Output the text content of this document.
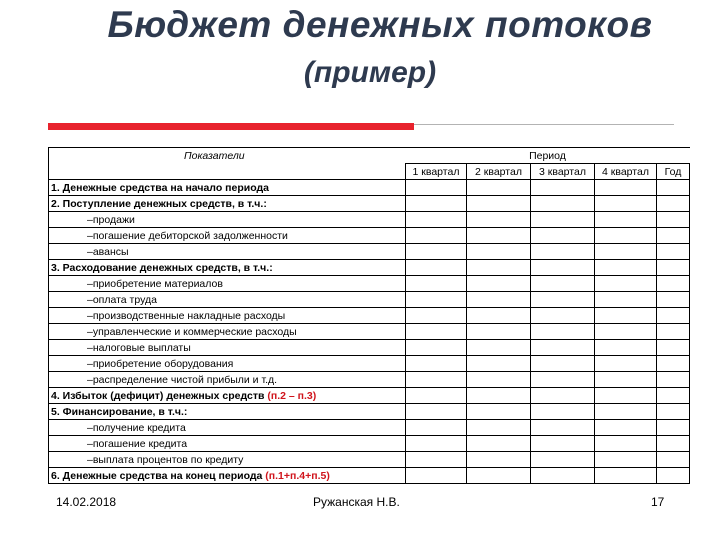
Бюджет денежных потоков
(пример)
Показатели	Период				
	1 квартал	2 квартал	3 квартал	4 квартал	Год
1. Денежные средства на начало периода					
2. Поступление денежных средств, в т.ч.:					
–продажи					
–погашение дебиторской задолженности					
–авансы					
3. Расходование денежных средств, в т.ч.:					
–приобретение материалов					
–оплата труда					
–производственные накладные расходы					
–управленческие и коммерческие расходы					
–налоговые выплаты					
–приобретение оборудования					
–распределение чистой прибыли и т.д.					
4. Избыток (дефицит) денежных средств (п.2 – п.3)					
5. Финансирование, в т.ч.:					
–получение кредита					
–погашение кредита					
–выплата процентов по кредиту					
6. Денежные средства на конец периода (п.1+п.4+п.5)					
14.02.2018	Ружанская Н.В.	17
